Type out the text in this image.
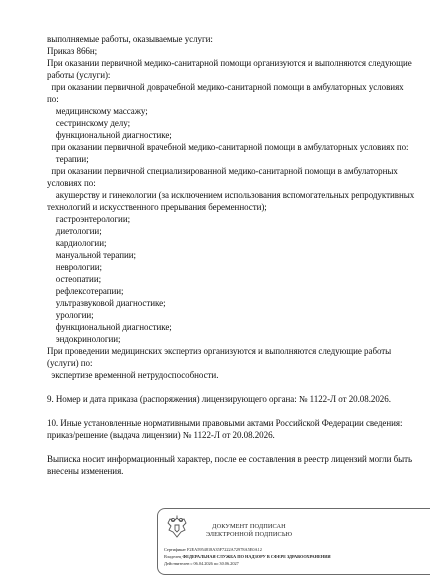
выполняемые работы, оказываемые услуги:
Приказ 866н;
При оказании первичной медико-санитарной помощи организуются и выполняются следующие
работы (услуги):
при оказании первичной доврачебной медико-санитарной помощи в амбулаторных условиях
по:
медицинскому массажу;
сестринскому делу;
функциональной диагностике;
при оказании первичной врачебной медико-санитарной помощи в амбулаторных условиях по:
терапии;
при оказании первичной специализированной медико-санитарной помощи в амбулаторных
условиях по:
акушерству и гинекологии (за исключением использования вспомогательных репродуктивных
технологий и искусственного прерывания беременности);
гастроэнтерологии;
диетологии;
кардиологии;
мануальной терапии;
неврологии;
остеопатии;
рефлексотерапии;
ультразвуковой диагностике;
урологии;
функциональной диагностике;
эндокринологии;
При проведении медицинских экспертиз организуются и выполняются следующие работы
(услуги) по:
экспертизе временной нетрудоспособности.
9. Номер и дата приказа (распоряжения) лицензирующего органа: № 1122-Л от 20.08.2026.
10. Иные установленные нормативными правовыми актами Российской Федерации сведения: приказ/решение (выдача лицензии) № 1122-Л от 20.08.2026.
Выписка носит информационный характер, после ее составления в реестр лицензий могли быть внесены изменения.
ДОКУМЕНТ ПОДПИСАН
ЭЛЕКТРОННОЙ ПОДПИСЬЮ
Сертификат F2EA5954818A35F7222A72978A5E0A12
Владелец ФЕДЕРАЛЬНАЯ СЛУЖБА ПО НАДЗОРУ В СФЕРЕ ЗДРАВООХРАНЕНИЯ
Действителен с 06.04.2026 по 30.06.2027
